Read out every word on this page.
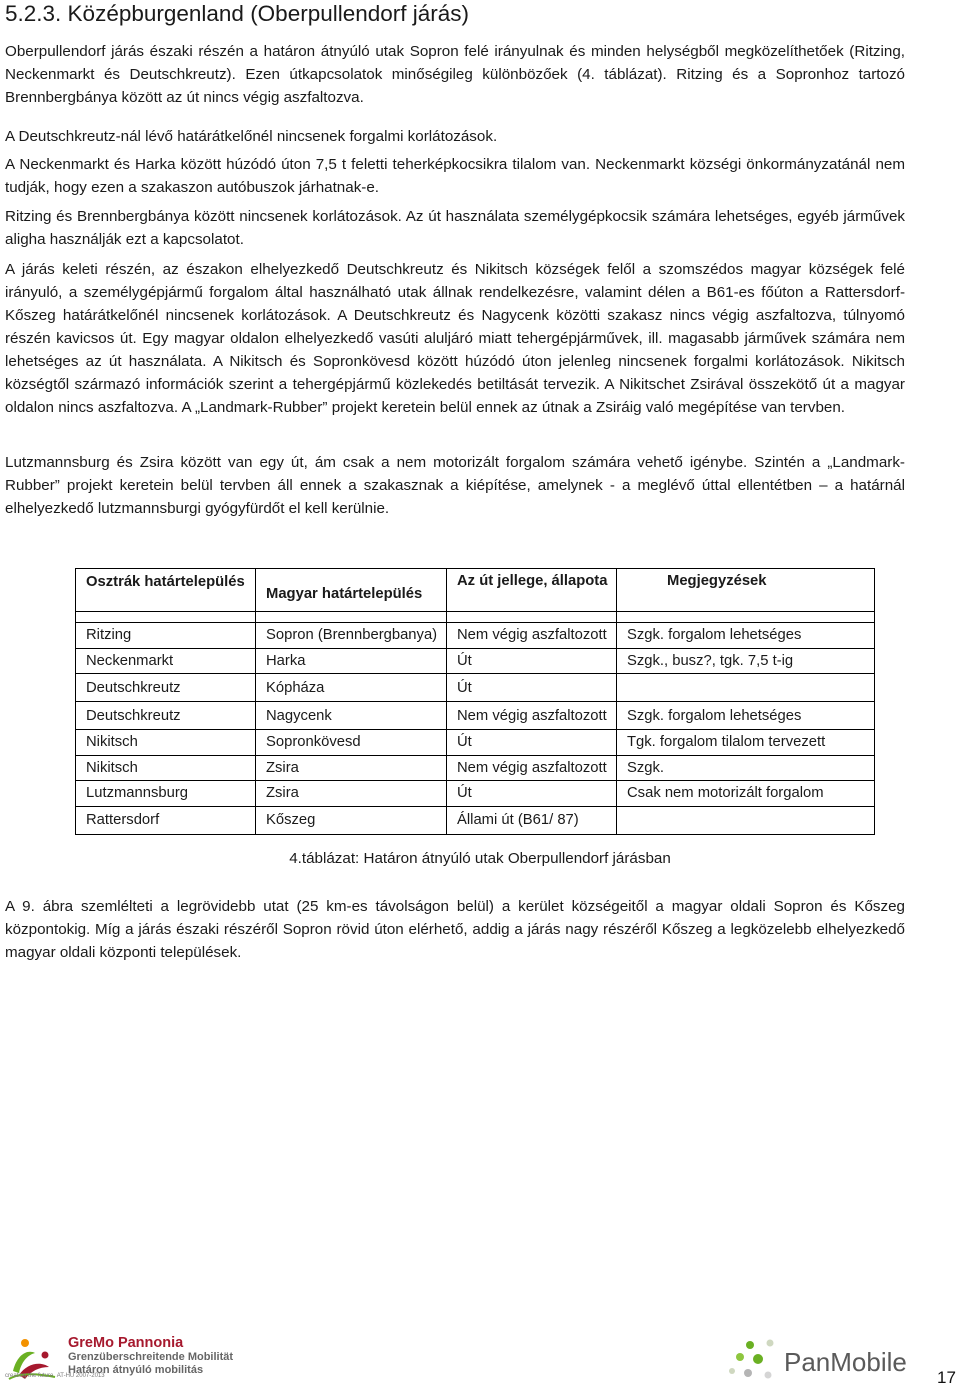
5.2.3. Középburgenland (Oberpullendorf járás)

Oberpullendorf járás északi részén a határon átnyúló utak Sopron felé irányulnak és minden helységből megközelíthetőek (Ritzing, Neckenmarkt és Deutschkreutz). Ezen útkapcsolatok minőségileg különbözőek (4. táblázat). Ritzing és a Sopronhoz tartozó Brennbergbánya között az út nincs végig aszfaltozva.

A Deutschkreutz-nál lévő határátkelőnél nincsenek forgalmi korlátozások.

A Neckenmarkt és Harka között húzódó úton 7,5 t feletti teherképkocsikra tilalom van. Neckenmarkt községi önkormányzatánál nem tudják, hogy ezen a szakaszon autóbuszok járhatnak-e.

Ritzing és Brennbergbánya között nincsenek korlátozások. Az út használata személygépkocsik számára lehetséges, egyéb járművek aligha használják ezt a kapcsolatot.

A járás keleti részén, az északon elhelyezkedő Deutschkreutz és Nikitsch községek felől a szomszédos magyar községek felé irányuló, a személygépjármű forgalom által használható utak állnak rendelkezésre, valamint délen a B61-es főúton a Rattersdorf-Kőszeg határátkelőnél nincsenek korlátozások. A Deutschkreutz és Nagycenk közötti szakasz nincs végig aszfaltozva, túlnyomó részén kavicsos út. Egy magyar oldalon elhelyezkedő vasúti aluljáró miatt tehergépjárművek, ill. magasabb járművek számára nem lehetséges az út használata. A Nikitsch és Sopronkövesd között húzódó úton jelenleg nincsenek forgalmi korlátozások. Nikitsch községtől származó információk szerint a tehergépjármű közlekedés betiltását tervezik. A Nikitschet Zsirával összekötő út a magyar oldalon nincs aszfaltozva. A „Landmark-Rubber” projekt keretein belül ennek az útnak a Zsiráig való megépítése van tervben.

Lutzmannsburg és Zsira között van egy út, ám csak a nem motorizált forgalom számára vehető igénybe. Szintén a „Landmark-Rubber” projekt keretein belül tervben áll ennek a szakasznak a kiépítése, amelynek - a meglévő úttal ellentétben – a határnál elhelyezkedő lutzmannsburgi gyógyfürdőt el kell kerülnie.

Osztrák határtelepülés	Magyar határtelepülés	Az út jellege, állapota	Megjegyzések

Ritzing	Sopron (Brennbergbanya)	Nem végig aszfaltozott	Szgk. forgalom lehetséges
Neckenmarkt	Harka	Út	Szgk., busz?, tgk. 7,5 t-ig
Deutschkreutz	Kópháza	Út	
Deutschkreutz	Nagycenk	Nem végig aszfaltozott	Szgk. forgalom lehetséges
Nikitsch	Sopronkövesd	Út	Tgk. forgalom tilalom tervezett
Nikitsch	Zsira	Nem végig aszfaltozott	Szgk.
Lutzmannsburg	Zsira	Út	Csak nem motorizált forgalom
Rattersdorf	Kőszeg	Állami út (B61/ 87)	
4.táblázat: Határon átnyúló utak Oberpullendorf járásban

A 9. ábra szemlélteti a legrövidebb utat (25 km-es távolságon belül) a kerület községeitől a magyar oldali Sopron és Kőszeg központokig. Míg a járás északi részéről Sopron rövid úton elérhető, addig a járás nagy részéről Kőszeg a legközelebb elhelyezkedő magyar oldali központi települések.

GreMo Pannonia
Grenzüberschreitende Mobilität
Határon átnyúló mobilitás
creating the future  AT-HU 2007-2013	PanMobile
17
